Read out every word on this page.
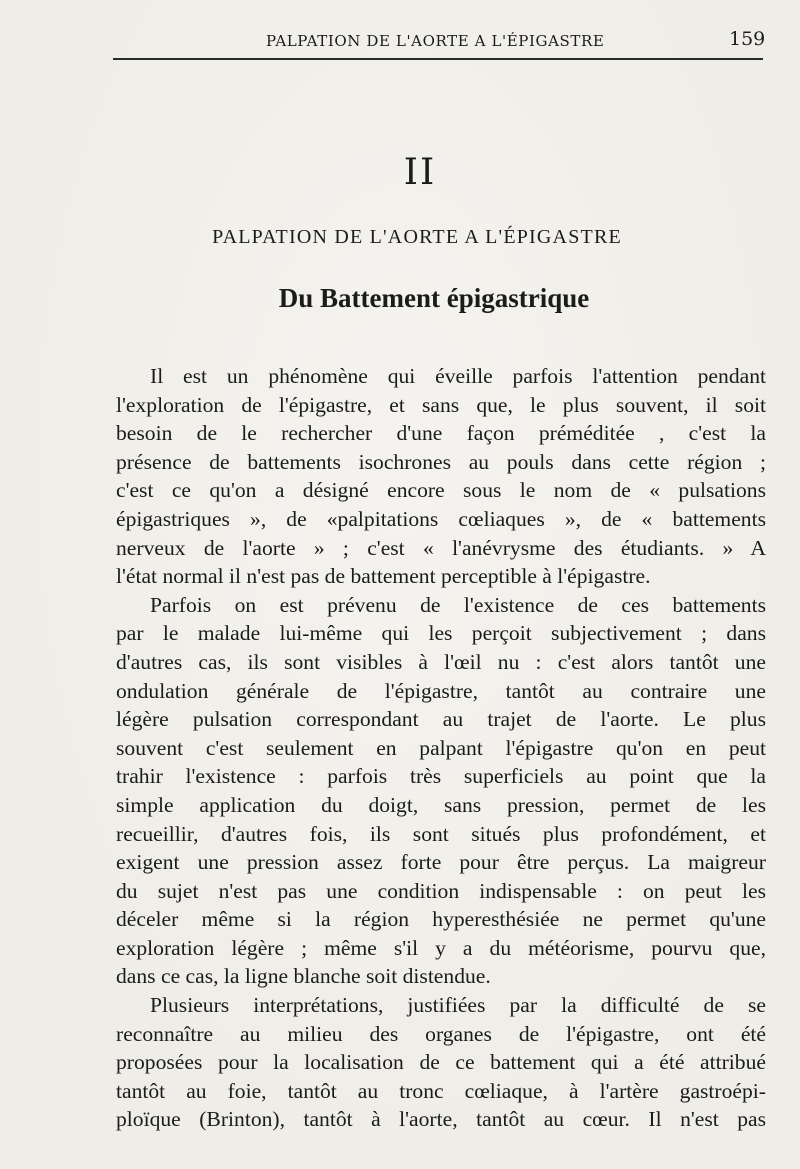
PALPATION DE L'AORTE A L'ÉPIGASTRE	159
II
PALPATION DE L'AORTE A L'ÉPIGASTRE
Du Battement épigastrique
Il est un phénomène qui éveille parfois l'attention pendant
l'exploration de l'épigastre, et sans que, le plus souvent, il soit
besoin de le rechercher d'une façon préméditée , c'est la
présence de battements isochrones au pouls dans cette région ;
c'est ce qu'on a désigné encore sous le nom de « pulsations
épigastriques », de «palpitations cœliaques », de « battements
nerveux de l'aorte » ; c'est « l'anévrysme des étudiants. » A
l'état normal il n'est pas de battement perceptible à l'épigastre.
Parfois on est prévenu de l'existence de ces battements
par le malade lui-même qui les perçoit subjectivement ; dans
d'autres cas, ils sont visibles à l'œil nu : c'est alors tantôt une
ondulation générale de l'épigastre, tantôt au contraire une
légère pulsation correspondant au trajet de l'aorte. Le plus
souvent c'est seulement en palpant l'épigastre qu'on en peut
trahir l'existence : parfois très superficiels au point que la
simple application du doigt, sans pression, permet de les
recueillir, d'autres fois, ils sont situés plus profondément, et
exigent une pression assez forte pour être perçus. La maigreur
du sujet n'est pas une condition indispensable : on peut les
déceler même si la région hyperesthésiée ne permet qu'une
exploration légère ; même s'il y a du météorisme, pourvu que,
dans ce cas, la ligne blanche soit distendue.
Plusieurs interprétations, justifiées par la difficulté de se
reconnaître au milieu des organes de l'épigastre, ont été
proposées pour la localisation de ce battement qui a été attribué
tantôt au foie, tantôt au tronc cœliaque, à l'artère gastroépi-
ploïque (Brinton), tantôt à l'aorte, tantôt au cœur. Il n'est pas
